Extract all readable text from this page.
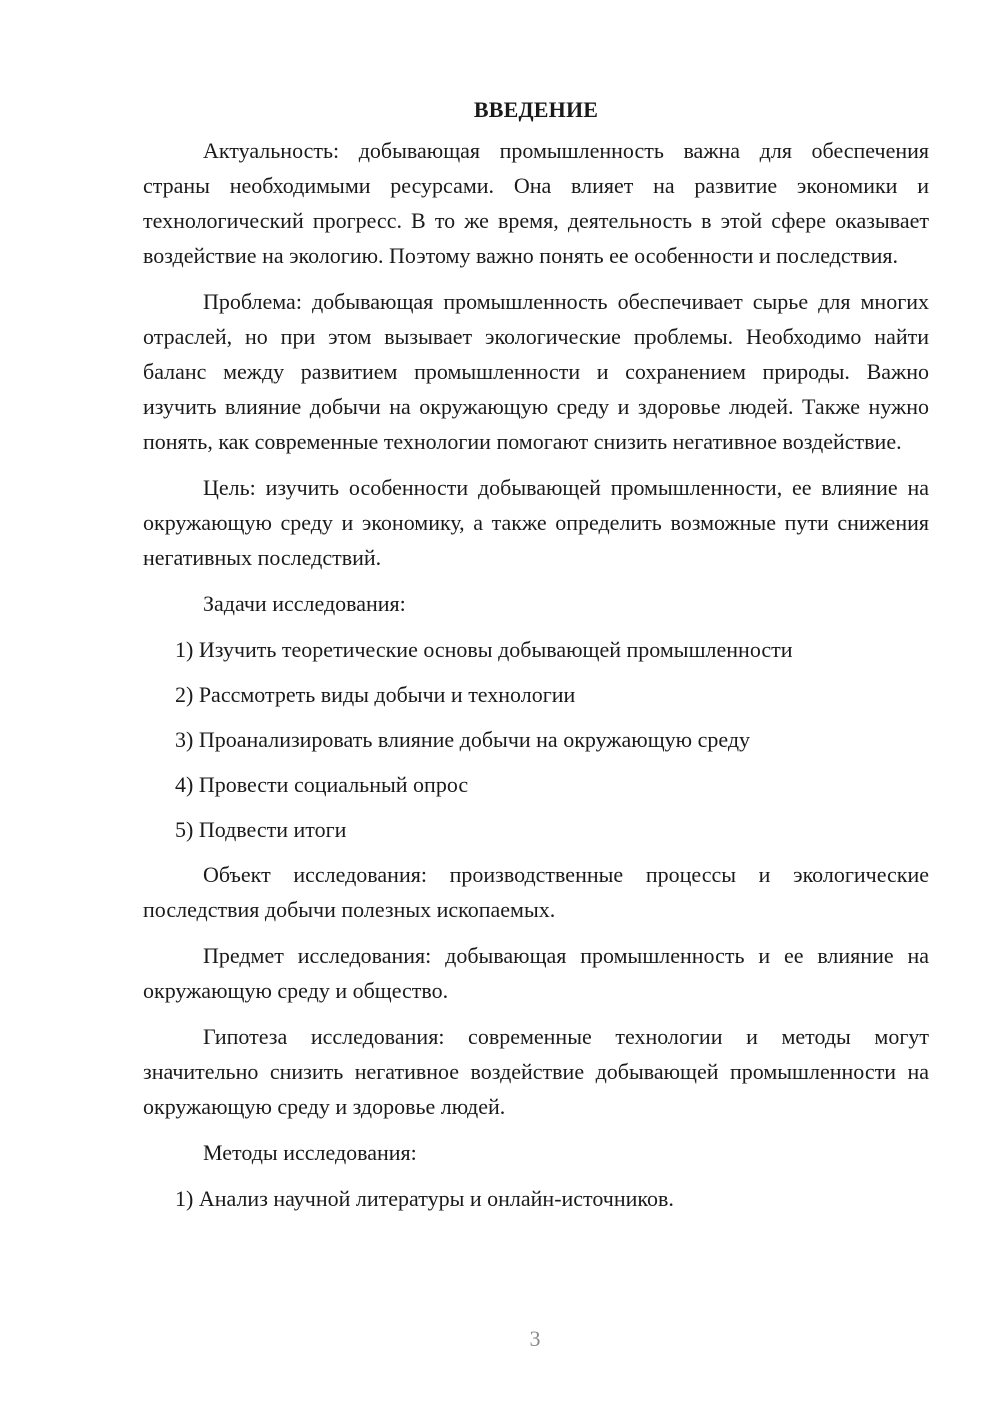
ВВЕДЕНИЕ

Актуальность: добывающая промышленность важна для обеспечения страны необходимыми ресурсами. Она влияет на развитие экономики и технологический прогресс. В то же время, деятельность в этой сфере оказывает воздействие на экологию. Поэтому важно понять ее особенности и последствия.

Проблема: добывающая промышленность обеспечивает сырье для многих отраслей, но при этом вызывает экологические проблемы. Необходимо найти баланс между развитием промышленности и сохранением природы. Важно изучить влияние добычи на окружающую среду и здоровье людей. Также нужно понять, как современные технологии помогают снизить негативное воздействие.

Цель: изучить особенности добывающей промышленности, ее влияние на окружающую среду и экономику, а также определить возможные пути снижения негативных последствий.

Задачи исследования:

1) Изучить теоретические основы добывающей промышленности

2) Рассмотреть виды добычи и технологии

3) Проанализировать влияние добычи на окружающую среду

4) Провести социальный опрос

5) Подвести итоги

Объект исследования: производственные процессы и экологические последствия добычи полезных ископаемых.

Предмет исследования: добывающая промышленность и ее влияние на окружающую среду и общество.

Гипотеза исследования: современные технологии и методы могут значительно снизить негативное воздействие добывающей промышленности на окружающую среду и здоровье людей.

Методы исследования:

1) Анализ научной литературы и онлайн-источников.

3
